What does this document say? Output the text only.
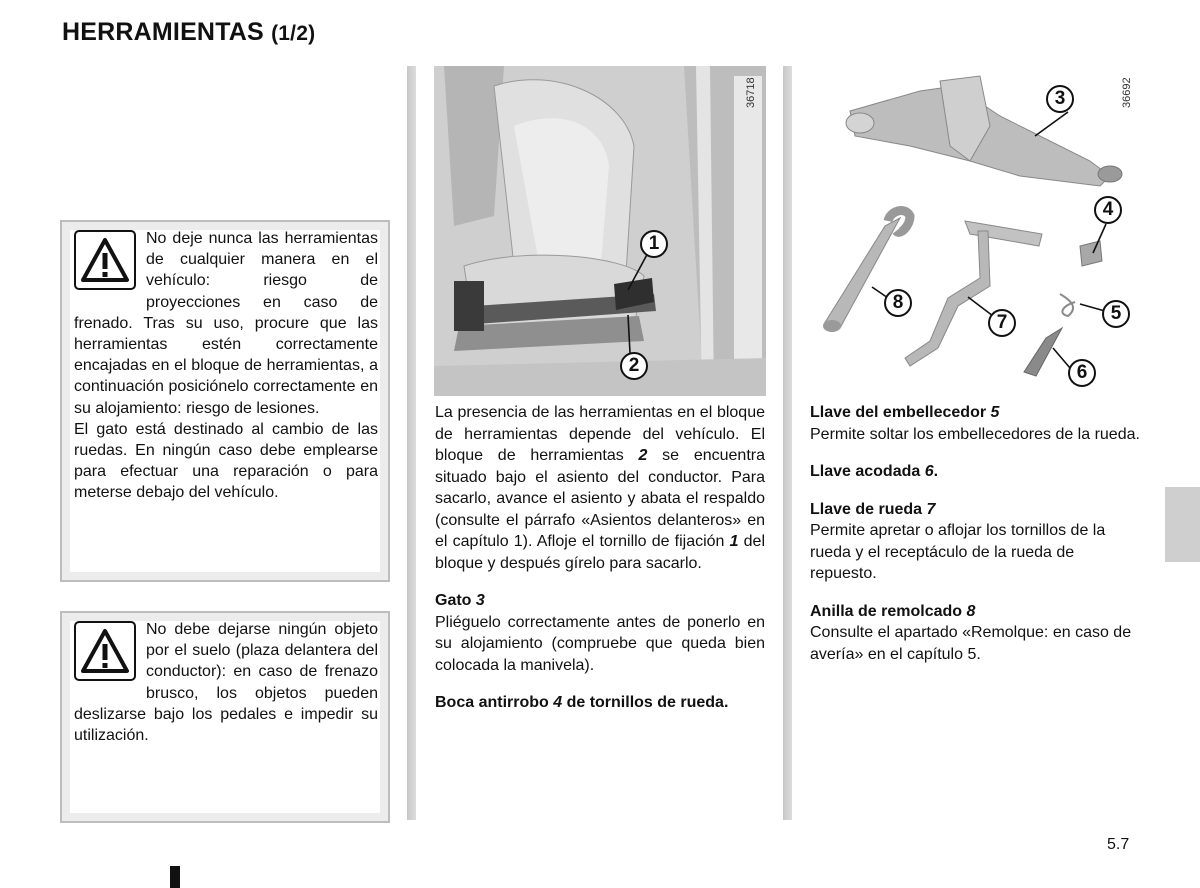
HERRAMIENTAS (1/2)

No deje nunca las herramientas de cualquier manera en el vehículo: riesgo de proyecciones en caso de frenado. Tras su uso, procure que las herramientas estén correctamente encajadas en el bloque de herramientas, a continuación posiciónelo correctamente en su alojamiento: riesgo de lesiones.

El gato está destinado al cambio de las ruedas. En ningún caso debe emplearse para efectuar una reparación o para meterse debajo del vehículo.

No debe dejarse ningún objeto por el suelo (plaza delantera del conductor): en caso de frenazo brusco, los objetos pueden deslizarse bajo los pedales e impedir su utilización.

36718
1
2
36692
3
4
5
6
7
8

La presencia de las herramientas en el bloque de herramientas depende del vehículo. El bloque de herramientas 2 se encuentra situado bajo el asiento del conductor. Para sacarlo, avance el asiento y abata el respaldo (consulte el párrafo «Asientos delanteros» en el capítulo 1). Afloje el tornillo de fijación 1 del bloque y después gírelo para sacarlo.

Gato 3

Pliéguelo correctamente antes de ponerlo en su alojamiento (compruebe que queda bien colocada la manivela).

Boca antirrobo 4 de tornillos de rueda.

Llave del embellecedor 5

Permite soltar los embellecedores de la rueda.

Llave acodada 6.

Llave de rueda 7

Permite apretar o aflojar los tornillos de la rueda y el receptáculo de la rueda de repuesto.

Anilla de remolcado 8

Consulte el apartado «Remolque: en caso de avería» en el capítulo 5.

5.7
